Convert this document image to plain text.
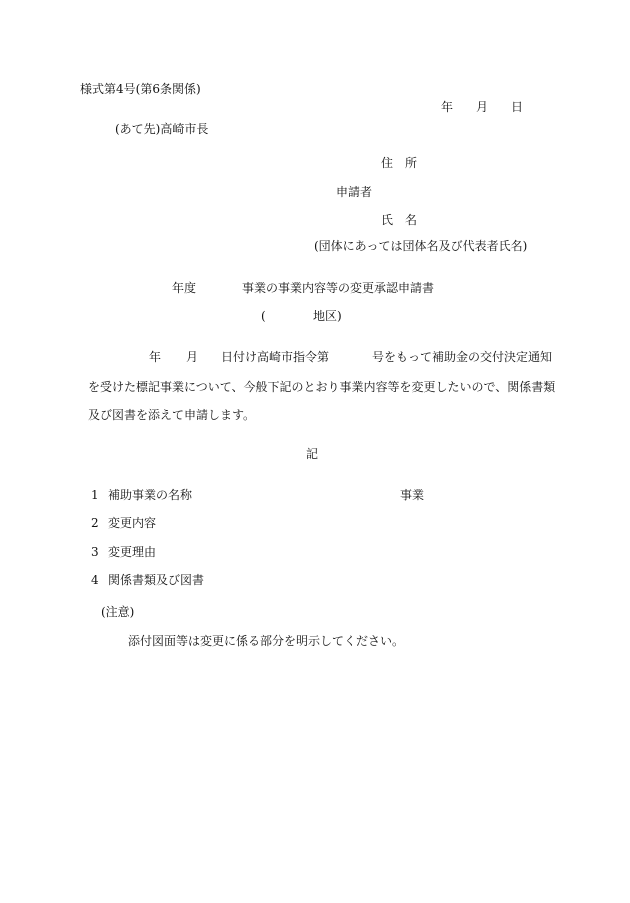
様式第4号(第6条関係)
年 月 日
(あて先)高崎市長
住　所
申請者
氏　名
(団体にあっては団体名及び代表者氏名)
年度	事業の事業内容等の変更承認申請書
(	地区)
年 月 日付け高崎市指令第	号をもって補助金の交付決定通知
を受けた標記事業について、今般下記のとおり事業内容等を変更したいので、関係書類
及び図書を添えて申請します。
記
1 補助事業の名称	事業
2 変更内容
3 変更理由
4 関係書類及び図書
(注意)
添付図面等は変更に係る部分を明示してください。
